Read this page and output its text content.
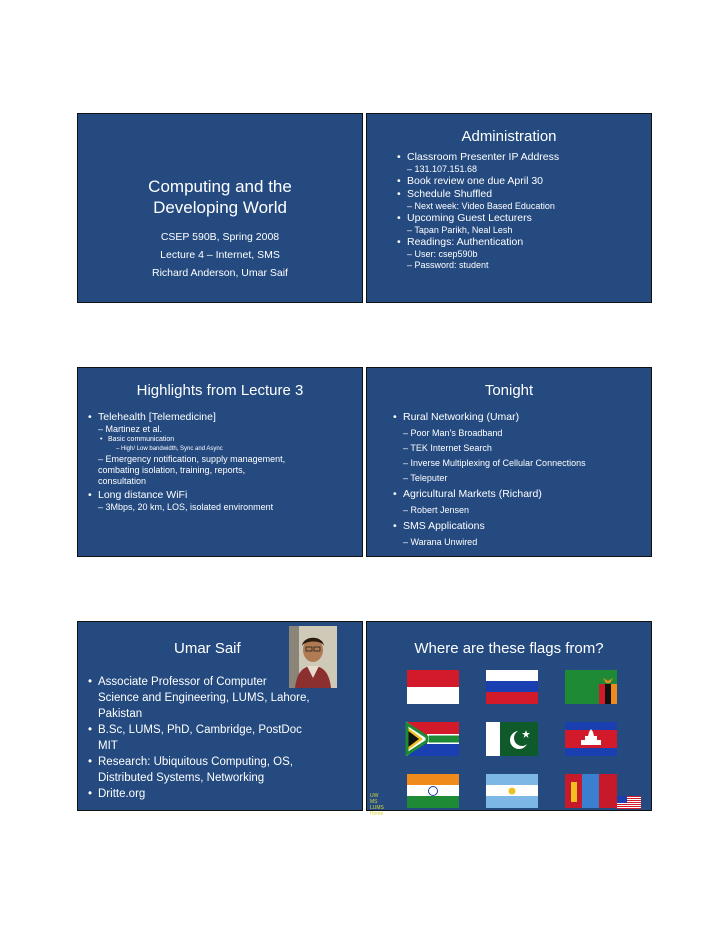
Computing and the
Developing World
CSEP 590B, Spring 2008
Lecture 4 – Internet, SMS
Richard Anderson, Umar Saif
Administration
• Classroom Presenter IP Address
– 131.107.151.68
• Book review one due April 30
• Schedule Shuffled
– Next week: Video Based Education
• Upcoming Guest Lecturers
– Tapan Parikh, Neal Lesh
• Readings: Authentication
– User: csep590b
– Password: student
Highlights from Lecture 3
• Telehealth [Telemedicine]
– Martinez et al.
• Basic communication
– High/ Low bandwidth, Sync and Async
– Emergency notification, supply management,
combating isolation, training, reports,
consultation
• Long distance WiFi
– 3Mbps, 20 km, LOS, isolated environment
Tonight
• Rural Networking (Umar)
– Poor Man’s Broadband
– TEK Internet Search
– Inverse Multiplexing of Cellular Connections
– Teleputer
• Agricultural Markets (Richard)
– Robert Jensen
• SMS Applications
– Warana Unwired
Umar Saif
• Associate Professor of Computer
Science and Engineering, LUMS, Lahore,
Pakistan
• B.Sc, LUMS, PhD, Cambridge, PostDoc
MIT
• Research: Ubiquitous Computing, OS,
Distributed Systems, Networking
• Dritte.org
Where are these flags from?
UW
MS
LUMS
Home
